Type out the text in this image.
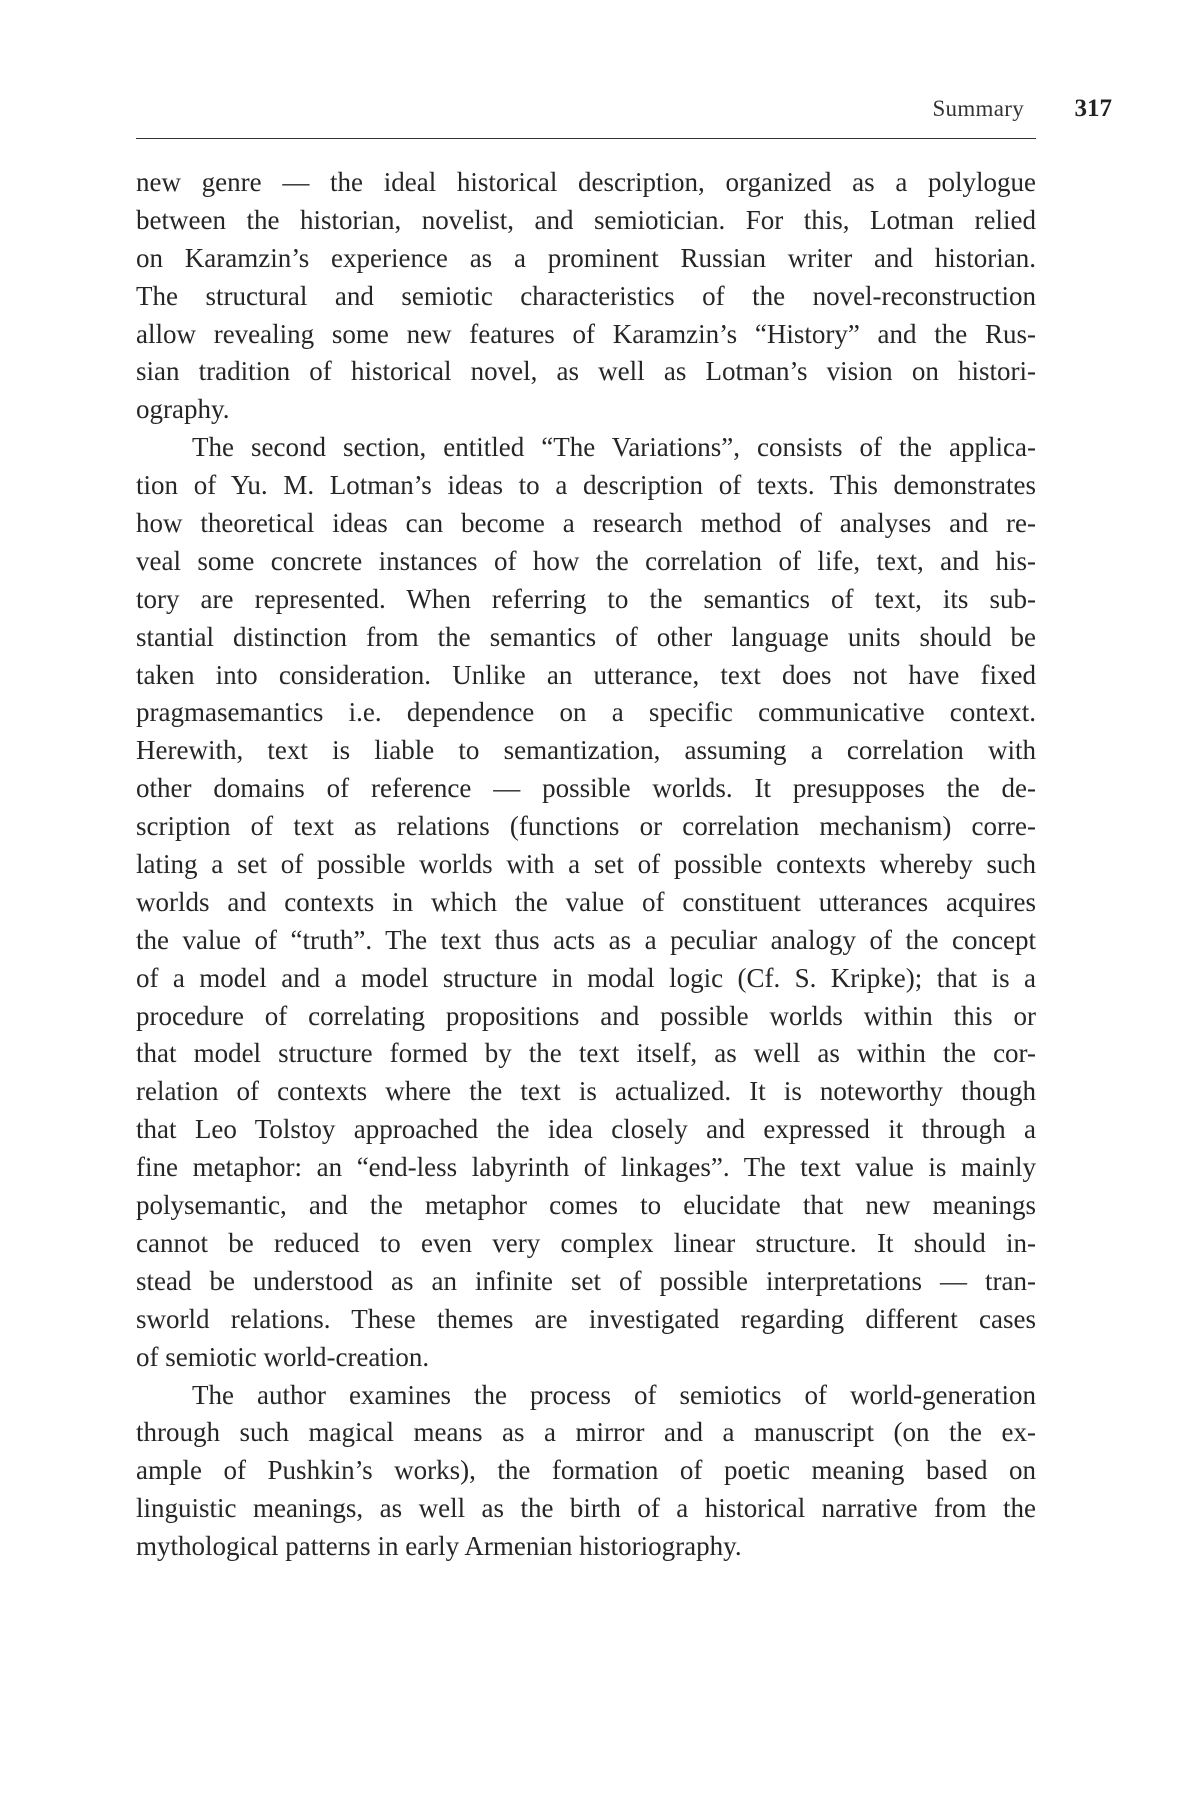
Summary 317
new genre — the ideal historical description, organized as a polylogue
between the historian, novelist, and semiotician. For this, Lotman relied
on Karamzin’s experience as a prominent Russian writer and historian.
The structural and semiotic characteristics of the novel-reconstruction
allow revealing some new features of Karamzin’s “History” and the Rus-
sian tradition of historical novel, as well as Lotman’s vision on histori-
ography.
The second section, entitled “The Variations”, consists of the applica-
tion of Yu. M. Lotman’s ideas to a description of texts. This demonstrates
how theoretical ideas can become a research method of analyses and re-
veal some concrete instances of how the correlation of life, text, and his-
tory are represented. When referring to the semantics of text, its sub-
stantial distinction from the semantics of other language units should be
taken into consideration. Unlike an utterance, text does not have fixed
pragmasemantics i.e. dependence on a specific communicative context.
Herewith, text is liable to semantization, assuming a correlation with
other domains of reference — possible worlds. It presupposes the de-
scription of text as relations (functions or correlation mechanism) corre-
lating a set of possible worlds with a set of possible contexts whereby such
worlds and contexts in which the value of constituent utterances acquires
the value of “truth”. The text thus acts as a peculiar analogy of the concept
of a model and a model structure in modal logic (Cf. S. Kripke); that is a
procedure of correlating propositions and possible worlds within this or
that model structure formed by the text itself, as well as within the cor-
relation of contexts where the text is actualized. It is noteworthy though
that Leo Tolstoy approached the idea closely and expressed it through a
fine metaphor: an “end-less labyrinth of linkages”. The text value is mainly
polysemantic, and the metaphor comes to elucidate that new meanings
cannot be reduced to even very complex linear structure. It should in-
stead be understood as an infinite set of possible interpretations — tran-
sworld relations. These themes are investigated regarding different cases
of semiotic world-creation.
The author examines the process of semiotics of world-generation
through such magical means as a mirror and a manuscript (on the ex-
ample of Pushkin’s works), the formation of poetic meaning based on
linguistic meanings, as well as the birth of a historical narrative from the
mythological patterns in early Armenian historiography.
